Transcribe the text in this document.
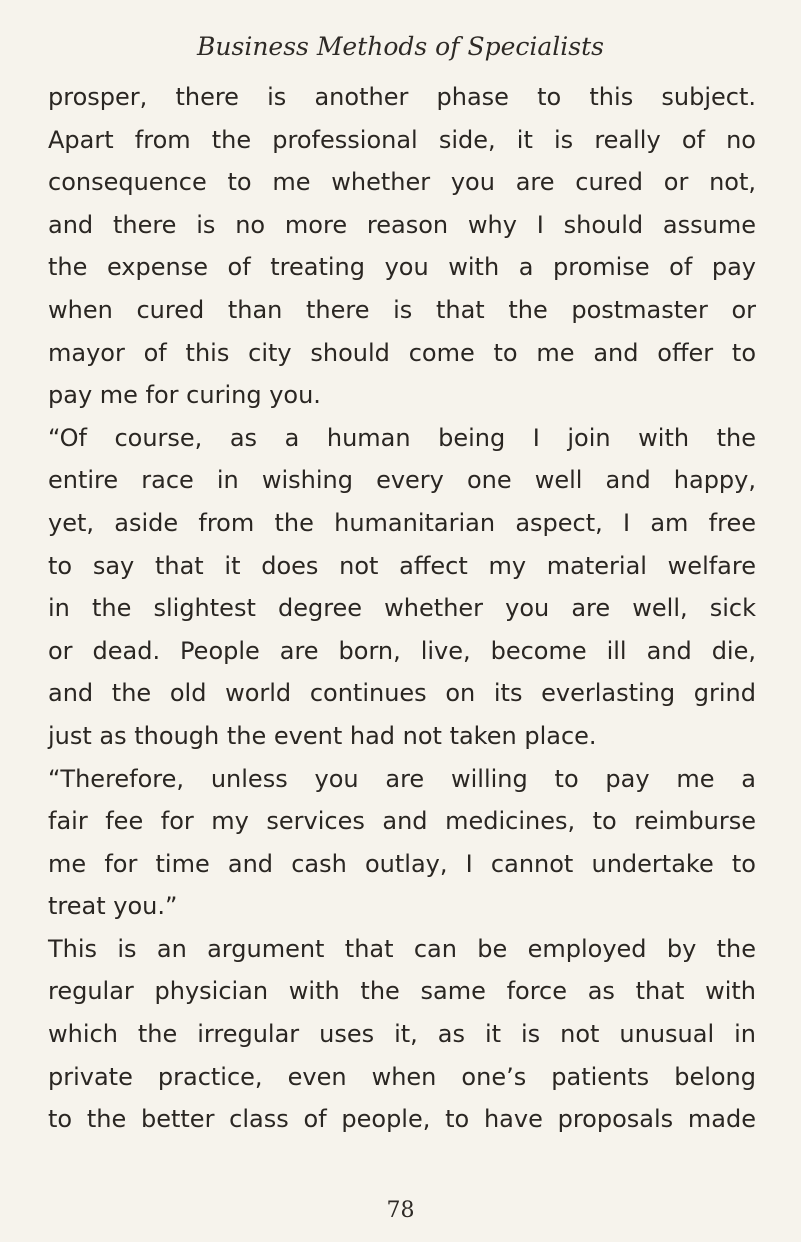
Business Methods of Specialists
prosper, there is another phase to this subject.
Apart from the professional side, it is really of no
consequence to me whether you are cured or not,
and there is no more reason why I should assume
the expense of treating you with a promise of pay
when cured than there is that the postmaster or
mayor of this city should come to me and offer to
pay me for curing you.
“Of course, as a human being I join with the
entire race in wishing every one well and happy,
yet, aside from the humanitarian aspect, I am free
to say that it does not affect my material welfare
in the slightest degree whether you are well, sick
or dead. People are born, live, become ill and die,
and the old world continues on its everlasting grind
just as though the event had not taken place.
“Therefore, unless you are willing to pay me a
fair fee for my services and medicines, to reimburse
me for time and cash outlay, I cannot undertake to
treat you.”
This is an argument that can be employed by the
regular physician with the same force as that with
which the irregular uses it, as it is not unusual in
private practice, even when one’s patients belong
to the better class of people, to have proposals made
78
